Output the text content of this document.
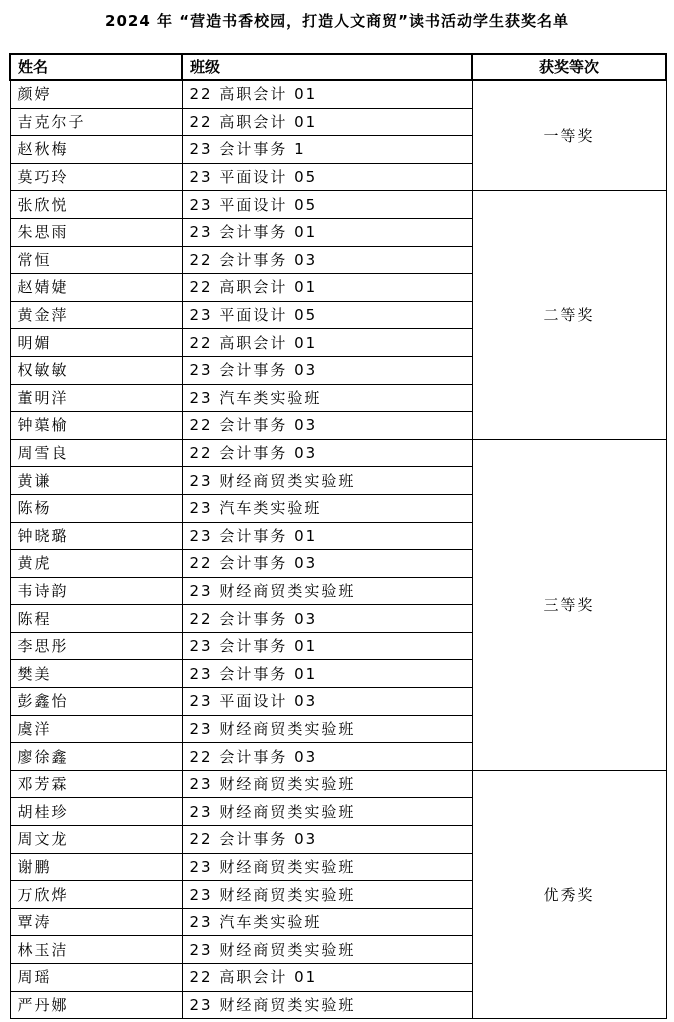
2024 年 “营造书香校园，打造人文商贸”读书活动学生获奖名单
姓名	班级	获奖等次
颜婷	22 高职会计 01	一等奖
吉克尔子	22 高职会计 01	
赵秋梅	23 会计事务 1	
莫巧玲	23 平面设计 05	
张欣悦	23 平面设计 05	二等奖
朱思雨	23 会计事务 01	
常恒	22 会计事务 03	
赵婧婕	22 高职会计 01	
黄金萍	23 平面设计 05	
明媚	22 高职会计 01	
权敏敏	23 会计事务 03	
董明洋	23 汽车类实验班	
钟蕖榆	22 会计事务 03	
周雪良	22 会计事务 03	三等奖
黄谦	23 财经商贸类实验班	
陈杨	23 汽车类实验班	
钟晓璐	23 会计事务 01	
黄虎	22 会计事务 03	
韦诗韵	23 财经商贸类实验班	
陈程	22 会计事务 03	
李思彤	23 会计事务 01	
樊美	23 会计事务 01	
彭鑫怡	23 平面设计 03	
虞洋	23 财经商贸类实验班	
廖徐鑫	22 会计事务 03	
邓芳霖	23 财经商贸类实验班	优秀奖
胡桂珍	23 财经商贸类实验班	
周文龙	22 会计事务 03	
谢鹏	23 财经商贸类实验班	
万欣烨	23 财经商贸类实验班	
覃涛	23 汽车类实验班	
林玉洁	23 财经商贸类实验班	
周瑶	22 高职会计 01	
严丹娜	23 财经商贸类实验班	
